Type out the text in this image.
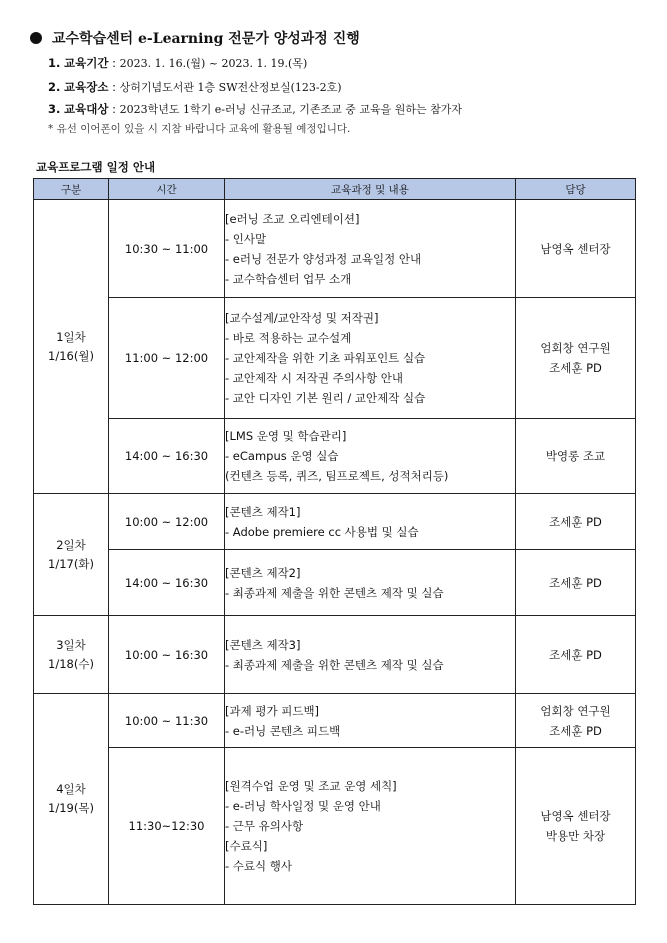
교수학습센터 e-Learning 전문가 양성과정 진행
1. 교육기간 : 2023. 1. 16.(월) ~ 2023. 1. 19.(목)
2. 교육장소 : 상허기념도서관 1층 SW전산정보실(123-2호)
3. 교육대상 : 2023학년도 1학기 e-러닝 신규조교, 기존조교 중 교육을 원하는 참가자
* 유선 이어폰이 있을 시 지참 바랍니다 교육에 활용될 예정입니다.
교육프로그램 일정 안내
구분	시간	교육과정 및 내용	담당

1일차
1/16(월)	10:30 ~ 11:00	[e러닝 조교 오리엔테이션]
- 인사말
- e러닝 전문가 양성과정 교육일정 안내
- 교수학습센터 업무 소개	남영옥 센터장

	11:00 ~ 12:00	[교수설계/교안작성 및 저작권]
- 바로 적용하는 교수설계
- 교안제작을 위한 기초 파워포인트 실습
- 교안제작 시 저작권 주의사항 안내
- 교안 디자인 기본 원리 / 교안제작 실습	엄회창 연구원
조세훈 PD

	14:00 ~ 16:30	[LMS 운영 및 학습관리]
- eCampus 운영 실습
(컨텐츠 등록, 퀴즈, 팀프로젝트, 성적처리등)	박영롱 조교

2일차
1/17(화)	10:00 ~ 12:00	[콘텐츠 제작1]
- Adobe premiere cc 사용법 및 실습	조세훈 PD

	14:00 ~ 16:30	[콘텐츠 제작2]
- 최종과제 제출을 위한 콘텐츠 제작 및 실습	조세훈 PD

3일차
1/18(수)	10:00 ~ 16:30	[콘텐츠 제작3]
- 최종과제 제출을 위한 콘텐츠 제작 및 실습	조세훈 PD

4일차
1/19(목)	10:00 ~ 11:30	[과제 평가 피드백]
- e-러닝 콘텐츠 피드백	엄회창 연구원
조세훈 PD

	11:30~12:30	[원격수업 운영 및 조교 운영 세칙]
- e-러닝 학사일정 및 운영 안내
- 근무 유의사항
[수료식]
- 수료식 행사	남영옥 센터장
박용만 차장
